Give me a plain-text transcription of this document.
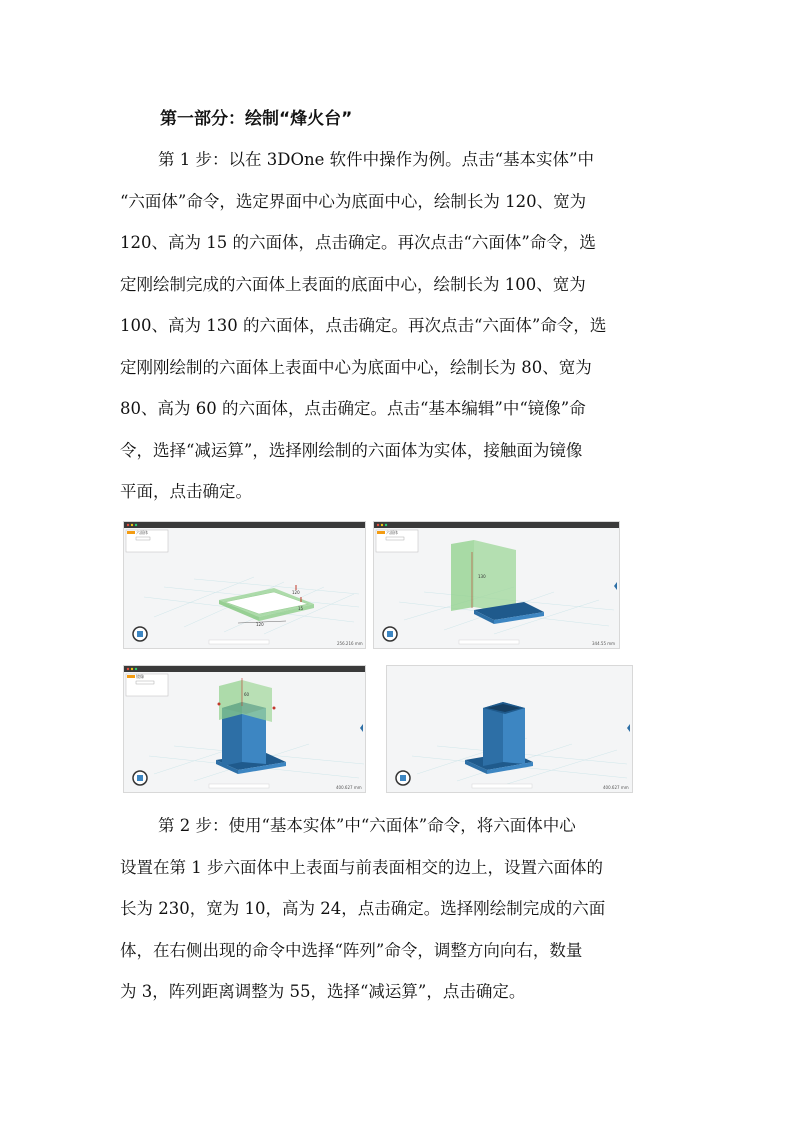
第一部分：绘制“烽火台”

第 1 步：以在 3DOne 软件中操作为例。点击“基本实体”中
“六面体”命令，选定界面中心为底面中心，绘制长为 120、宽为
120、高为 15 的六面体，点击确定。再次点击“六面体”命令，选
定刚绘制完成的六面体上表面的底面中心，绘制长为 100、宽为
100、高为 130 的六面体，点击确定。再次点击“六面体”命令，选
定刚刚绘制的六面体上表面中心为底面中心，绘制长为 80、宽为
80、高为 60 的六面体，点击确定。点击“基本编辑”中“镜像”命
令，选择“减运算”，选择刚绘制的六面体为实体，接触面为镜像
平面，点击确定。

六面体
120
120
15
256.216 mm
六面体
130
344.55 mm
镜像
60
400.627 mm	400.627 mm

第 2 步：使用“基本实体”中“六面体”命令，将六面体中心
设置在第 1 步六面体中上表面与前表面相交的边上，设置六面体的
长为 230，宽为 10，高为 24，点击确定。选择刚绘制完成的六面
体，在右侧出现的命令中选择“阵列”命令，调整方向向右，数量
为 3，阵列距离调整为 55，选择“减运算”，点击确定。
